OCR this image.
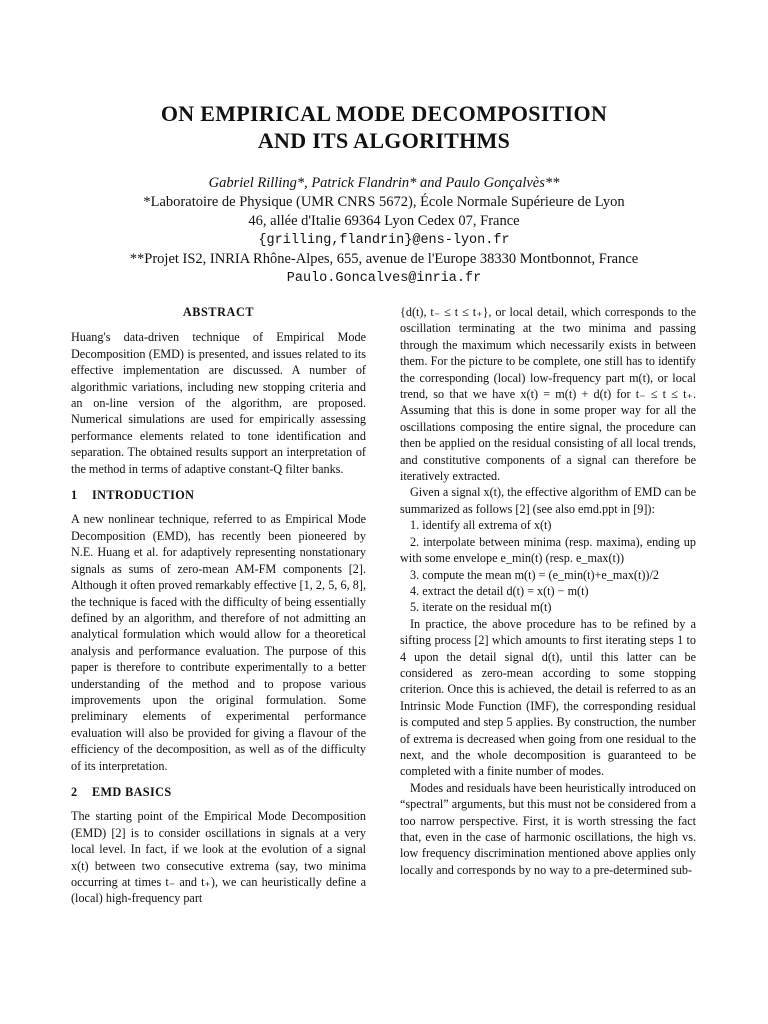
ON EMPIRICAL MODE DECOMPOSITION
AND ITS ALGORITHMS
Gabriel Rilling*, Patrick Flandrin* and Paulo Gonçalvès**
*Laboratoire de Physique (UMR CNRS 5672), École Normale Supérieure de Lyon
46, allée d'Italie 69364 Lyon Cedex 07, France
{grilling,flandrin}@ens-lyon.fr
**Projet IS2, INRIA Rhône-Alpes, 655, avenue de l'Europe 38330 Montbonnot, France
Paulo.Goncalves@inria.fr
ABSTRACT

Huang's data-driven technique of Empirical Mode Decomposition (EMD) is presented, and issues related to its effective implementation are discussed. A number of algorithmic variations, including new stopping criteria and an on-line version of the algorithm, are proposed. Numerical simulations are used for empirically assessing performance elements related to tone identification and separation. The obtained results support an interpretation of the method in terms of adaptive constant-Q filter banks.

1 INTRODUCTION

A new nonlinear technique, referred to as Empirical Mode Decomposition (EMD), has recently been pioneered by N.E. Huang et al. for adaptively representing nonstationary signals as sums of zero-mean AM-FM components [2]. Although it often proved remarkably effective [1, 2, 5, 6, 8], the technique is faced with the difficulty of being essentially defined by an algorithm, and therefore of not admitting an analytical formulation which would allow for a theoretical analysis and performance evaluation. The purpose of this paper is therefore to contribute experimentally to a better understanding of the method and to propose various improvements upon the original formulation. Some preliminary elements of experimental performance evaluation will also be provided for giving a flavour of the efficiency of the decomposition, as well as of the difficulty of its interpretation.

2 EMD BASICS

The starting point of the Empirical Mode Decomposition (EMD) [2] is to consider oscillations in signals at a very local level. In fact, if we look at the evolution of a signal x(t) between two consecutive extrema (say, two minima occurring at times t₋ and t₊), we can heuristically define a (local) high-frequency part

{d(t), t₋ ≤ t ≤ t₊}, or local detail, which corresponds to the oscillation terminating at the two minima and passing through the maximum which necessarily exists in between them. For the picture to be complete, one still has to identify the corresponding (local) low-frequency part m(t), or local trend, so that we have x(t) = m(t) + d(t) for t₋ ≤ t ≤ t₊. Assuming that this is done in some proper way for all the oscillations composing the entire signal, the procedure can then be applied on the residual consisting of all local trends, and constitutive components of a signal can therefore be iteratively extracted.

Given a signal x(t), the effective algorithm of EMD can be summarized as follows [2] (see also emd.ppt in [9]):

1. identify all extrema of x(t)
2. interpolate between minima (resp. maxima), ending up with some envelope e_min(t) (resp. e_max(t))
3. compute the mean m(t) = (e_min(t)+e_max(t))/2
4. extract the detail d(t) = x(t) − m(t)
5. iterate on the residual m(t)

In practice, the above procedure has to be refined by a sifting process [2] which amounts to first iterating steps 1 to 4 upon the detail signal d(t), until this latter can be considered as zero-mean according to some stopping criterion. Once this is achieved, the detail is referred to as an Intrinsic Mode Function (IMF), the corresponding residual is computed and step 5 applies. By construction, the number of extrema is decreased when going from one residual to the next, and the whole decomposition is guaranteed to be completed with a finite number of modes.

Modes and residuals have been heuristically introduced on “spectral” arguments, but this must not be considered from a too narrow perspective. First, it is worth stressing the fact that, even in the case of harmonic oscillations, the high vs. low frequency discrimination mentioned above applies only locally and corresponds by no way to a pre-determined sub-
